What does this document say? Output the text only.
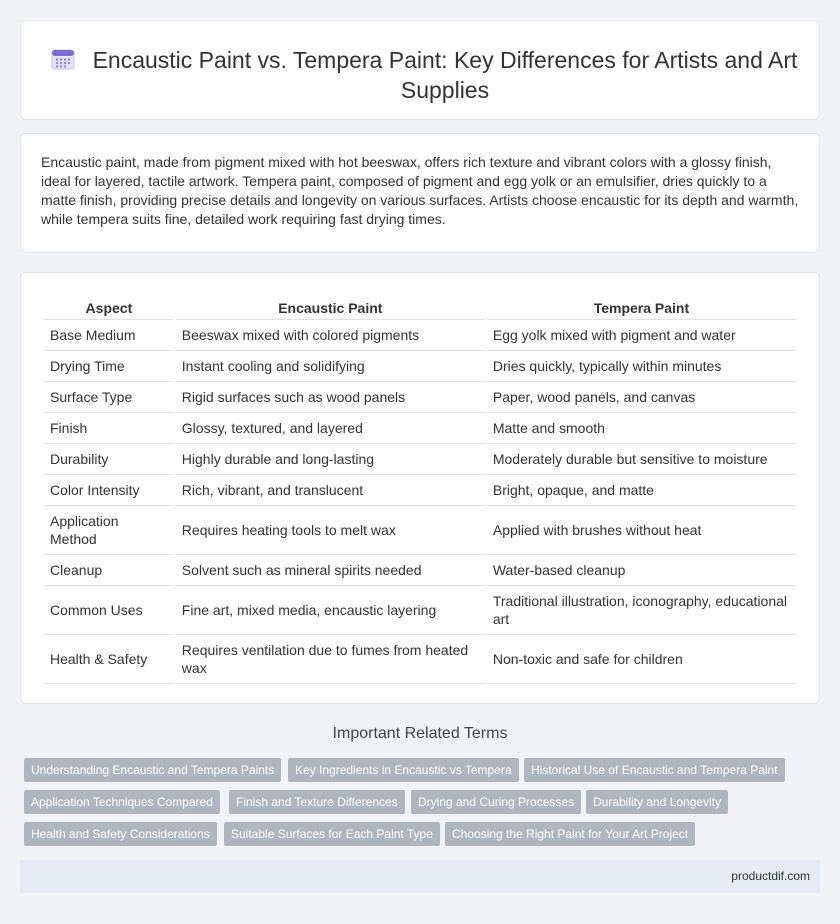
Encaustic Paint vs. Tempera Paint: Key Differences for Artists and Art Supplies

Encaustic paint, made from pigment mixed with hot beeswax, offers rich texture and vibrant colors with a glossy finish, ideal for layered, tactile artwork. Tempera paint, composed of pigment and egg yolk or an emulsifier, dries quickly to a matte finish, providing precise details and longevity on various surfaces. Artists choose encaustic for its depth and warmth, while tempera suits fine, detailed work requiring fast drying times.

Aspect	Encaustic Paint	Tempera Paint
Base Medium	Beeswax mixed with colored pigments	Egg yolk mixed with pigment and water
Drying Time	Instant cooling and solidifying	Dries quickly, typically within minutes
Surface Type	Rigid surfaces such as wood panels	Paper, wood panels, and canvas
Finish	Glossy, textured, and layered	Matte and smooth
Durability	Highly durable and long-lasting	Moderately durable but sensitive to moisture
Color Intensity	Rich, vibrant, and translucent	Bright, opaque, and matte
Application Method	Requires heating tools to melt wax	Applied with brushes without heat
Cleanup	Solvent such as mineral spirits needed	Water-based cleanup
Common Uses	Fine art, mixed media, encaustic layering	Traditional illustration, iconography, educational art
Health & Safety	Requires ventilation due to fumes from heated wax	Non-toxic and safe for children
Important Related Terms
Understanding Encaustic and Tempera Paints	Key Ingredients in Encaustic vs Tempera	Historical Use of Encaustic and Tempera Paint
Application Techniques Compared	Finish and Texture Differences	Drying and Curing Processes	Durability and Longevity
Health and Safety Considerations	Suitable Surfaces for Each Paint Type	Choosing the Right Paint for Your Art Project
productdif.com
